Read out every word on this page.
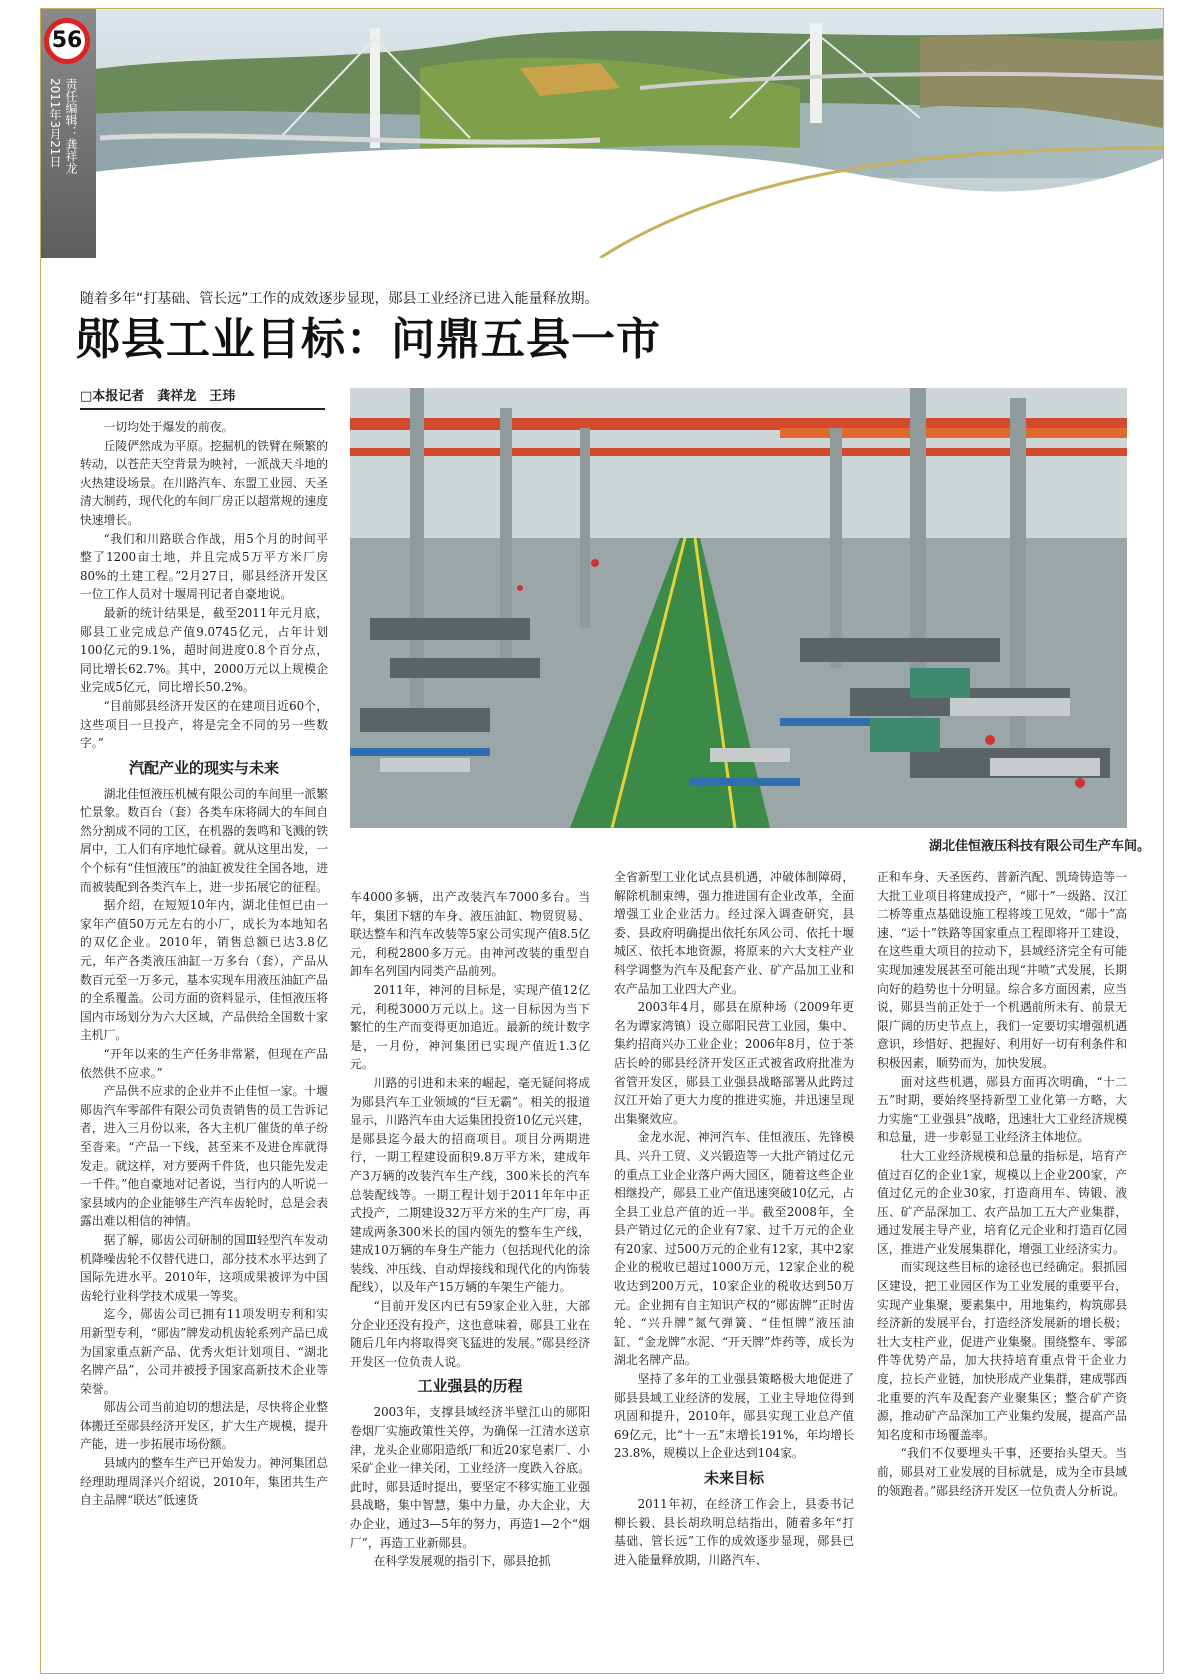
56
责任编辑：龚祥龙
2011年3月21日
随着多年“打基础、管长远”工作的成效逐步显现，郧县工业经济已进入能量释放期。
郧县工业目标：问鼎五县一市
□本报记者　龚祥龙　王玮
湖北佳恒液压科技有限公司生产车间。

一切均处于爆发的前夜。

丘陵俨然成为平原。挖掘机的铁臂在频繁的转动，以苍茫天空背景为映衬，一派战天斗地的火热建设场景。在川路汽车、东盟工业园、天圣清大制药，现代化的车间厂房正以超常规的速度快速增长。

“我们和川路联合作战，用5个月的时间平整了1200亩土地，并且完成5万平方米厂房80%的土建工程。”2月27日，郧县经济开发区一位工作人员对十堰周刊记者自豪地说。

最新的统计结果是，截至2011年元月底，郧县工业完成总产值9.0745亿元，占年计划100亿元的9.1%，超时间进度0.8个百分点，同比增长62.7%。其中，2000万元以上规模企业完成5亿元，同比增长50.2%。

“目前郧县经济开发区的在建项目近60个，这些项目一旦投产，将是完全不同的另一些数字。”

汽配产业的现实与未来

湖北佳恒液压机械有限公司的车间里一派繁忙景象。数百台（套）各类车床将阔大的车间自然分割成不同的工区，在机器的轰鸣和飞溅的铁屑中，工人们有序地忙碌着。就从这里出发，一个个标有“佳恒液压”的油缸被发往全国各地，进而被装配到各类汽车上，进一步拓展它的征程。

据介绍，在短短10年内，湖北佳恒已由一家年产值50万元左右的小厂，成长为本地知名的双亿企业。2010年，销售总额已达3.8亿元，年产各类液压油缸一万多台（套），产品从数百元至一万多元，基本实现车用液压油缸产品的全系覆盖。公司方面的资料显示，佳恒液压将国内市场划分为六大区域，产品供给全国数十家主机厂。

“开年以来的生产任务非常紧，但现在产品依然供不应求。”

产品供不应求的企业并不止佳恒一家。十堰郧齿汽车零部件有限公司负责销售的员工告诉记者，进入三月份以来，各大主机厂催货的单子纷至沓来。“产品一下线，甚至来不及进仓库就得发走。就这样，对方要两千件货，也只能先发走一千件。”他自豪地对记者说，当行内的人听说一家县域内的企业能够生产汽车齿轮时，总是会表露出难以相信的神情。

据了解，郧齿公司研制的国Ⅲ轻型汽车发动机降噪齿轮不仅替代进口，部分技术水平达到了国际先进水平。2010年，这项成果被评为中国齿轮行业科学技术成果一等奖。

迄今，郧齿公司已拥有11项发明专利和实用新型专利，“郧齿”牌发动机齿轮系列产品已成为国家重点新产品、优秀火炬计划项目、“湖北名牌产品”，公司并被授予国家高新技术企业等荣誉。

郧齿公司当前迫切的想法是，尽快将企业整体搬迁至郧县经济开发区，扩大生产规模，提升产能，进一步拓展市场份额。

县域内的整车生产已开始发力。神河集团总经理助理周泽兴介绍说，2010年，集团共生产自主品牌“联达”低速货

车4000多辆，出产改装汽车7000多台。当年，集团下辖的车身、液压油缸、物贸贸易、联达整车和汽车改装等5家公司实现产值8.5亿元，利税2800多万元。由神河改装的重型自卸车名列国内同类产品前列。

2011年，神河的目标是，实现产值12亿元，利税3000万元以上。这一目标因为当下繁忙的生产而变得更加追近。最新的统计数字是，一月份，神河集团已实现产值近1.3亿元。

川路的引进和未来的崛起，毫无疑问将成为郧县汽车工业领域的“巨无霸”。相关的报道显示，川路汽车由大运集团投资10亿元兴建，是郧县迄今最大的招商项目。项目分两期进行，一期工程建设面积9.8万平方米，建成年产3万辆的改装汽车生产线，300米长的汽车总装配线等。一期工程计划于2011年年中正式投产，二期建设32万平方米的生产厂房，再建成两条300米长的国内领先的整车生产线，建成10万辆的车身生产能力（包括现代化的涂装线、冲压线、自动焊接线和现代化的内饰装配线），以及年产15万辆的车架生产能力。

“目前开发区内已有59家企业入驻，大部分企业还没有投产，这也意味着，郧县工业在随后几年内将取得突飞猛进的发展。”郧县经济开发区一位负责人说。

工业强县的历程

2003年，支撑县域经济半壁江山的郧阳卷烟厂实施政策性关停，为确保一江清水送京津，龙头企业郧阳造纸厂和近20家皂素厂、小采矿企业一律关闭，工业经济一度跌入谷底。此时，郧县适时提出，要坚定不移实施工业强县战略，集中智慧，集中力量，办大企业，大办企业，通过3—5年的努力，再造1—2个“烟厂”，再造工业新郧县。

在科学发展观的指引下，郧县抢抓

全省新型工业化试点县机遇，冲破体制障碍，解除机制束缚，强力推进国有企业改革，全面增强工业企业活力。经过深入调查研究，县委、县政府明确提出依托东风公司、依托十堰城区、依托本地资源，将原来的六大支柱产业科学调整为汽车及配套产业、矿产品加工业和农产品加工业四大产业。

2003年4月，郧县在原种场（2009年更名为谭家湾镇）设立郧阳民营工业园，集中、集约招商兴办工业企业；2006年8月，位于茶店长岭的郧县经济开发区正式被省政府批准为省管开发区，郧县工业强县战略部署从此跨过汉江开始了更大力度的推进实施，并迅速呈现出集聚效应。

金龙水泥、神河汽车、佳恒液压、先锋模具、兴升工贸、义兴锻造等一大批产销过亿元的重点工业企业落户两大园区，随着这些企业相继投产，郧县工业产值迅速突破10亿元，占全县工业总产值的近一半。截至2008年，全县产销过亿元的企业有7家、过千万元的企业有20家、过500万元的企业有12家，其中2家企业的税收已超过1000万元，12家企业的税收达到200万元，10家企业的税收达到50万元。企业拥有自主知识产权的“郧齿牌”正时齿轮、“兴升牌”氮气弹簧、“佳恒牌”液压油缸、“金龙牌”水泥、“开天牌”炸药等，成长为湖北名牌产品。

坚持了多年的工业强县策略极大地促进了郧县县域工业经济的发展，工业主导地位得到巩固和提升，2010年，郧县实现工业总产值69亿元，比“十一五”末增长191%，年均增长23.8%，规模以上企业达到104家。

未来目标

2011年初，在经济工作会上，县委书记柳长毅、县长胡玖明总结指出，随着多年“打基础、管长远”工作的成效逐步显现，郧县已进入能量释放期，川路汽车、

正和车身、天圣医药、普新汽配、凯琦铸造等一大批工业项目将建成投产，“郧十”一级路、汉江二桥等重点基础设施工程将竣工见效，“郧十”高速、“运十”铁路等国家重点工程即将开工建设，在这些重大项目的拉动下，县域经济完全有可能实现加速发展甚至可能出现“井喷”式发展，长期向好的趋势也十分明显。综合多方面因素，应当说，郧县当前正处于一个机遇前所未有、前景无限广阔的历史节点上，我们一定要切实增强机遇意识，珍惜好、把握好、利用好一切有利条件和积极因素，顺势而为，加快发展。

面对这些机遇，郧县方面再次明确，“十二五”时期，要始终坚持新型工业化第一方略，大力实施“工业强县”战略，迅速壮大工业经济规模和总量，进一步彰显工业经济主体地位。

壮大工业经济规模和总量的指标是，培育产值过百亿的企业1家，规模以上企业200家，产值过亿元的企业30家，打造商用车、铸锻、液压、矿产品深加工、农产品加工五大产业集群，通过发展主导产业，培育亿元企业和打造百亿园区，推进产业发展集群化，增强工业经济实力。

而实现这些目标的途径也已经确定。狠抓园区建设，把工业园区作为工业发展的重要平台，实现产业集聚，要素集中，用地集约，构筑郧县经济新的发展平台，打造经济发展新的增长极；壮大支柱产业，促进产业集聚。围绕整车、零部件等优势产品，加大扶持培育重点骨干企业力度，拉长产业链，加快形成产业集群，建成鄂西北重要的汽车及配套产业聚集区；整合矿产资源，推动矿产品深加工产业集约发展，提高产品知名度和市场覆盖率。

“我们不仅要埋头干事，还要抬头望天。当前，郧县对工业发展的目标就是，成为全市县域的领跑者。”郧县经济开发区一位负责人分析说。
